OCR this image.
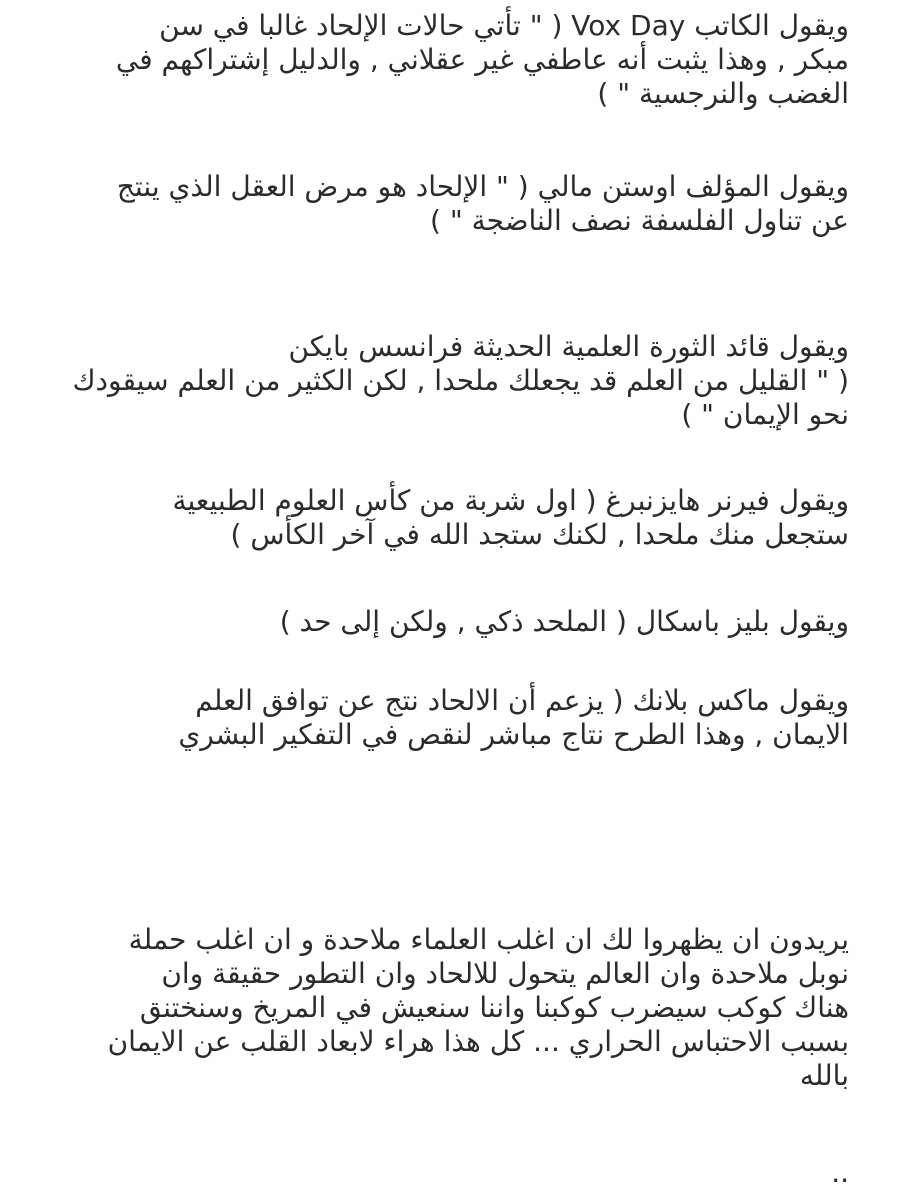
ويقول الكاتب Vox Day ( " تأتي حالات الإلحاد غالبا في سن
مبكر , وهذا يثبت أنه عاطفي غير عقلاني , والدليل إشتراكهم في
الغضب والنرجسية " )

ويقول المؤلف اوستن مالي ( " الإلحاد هو مرض العقل الذي ينتج
عن تناول الفلسفة نصف الناضجة " )

ويقول قائد الثورة العلمية الحديثة فرانسس بايكن
( " القليل من العلم قد يجعلك ملحدا , لكن الكثير من العلم سيقودك
نحو الإيمان " )

ويقول فيرنر هايزنبرغ ( اول شربة من كأس العلوم الطبيعية
ستجعل منك ملحدا , لكنك ستجد الله في آخر الكأس )

ويقول بليز باسكال ( الملحد ذكي , ولكن إلى حد )

ويقول ماكس بلانك ( يزعم أن الالحاد نتج عن توافق العلم
الايمان , وهذا الطرح نتاج مباشر لنقص في التفكير البشري

يريدون ان يظهروا لك ان اغلب العلماء ملاحدة و ان اغلب حملة
نوبل ملاحدة وان العالم يتحول للالحاد وان التطور حقيقة وان
هناك كوكب سيضرب كوكبنا واننا سنعيش في المريخ وسنختنق
بسبب الاحتباس الحراري ... كل هذا هراء لابعاد القلب عن الايمان
بالله

..
